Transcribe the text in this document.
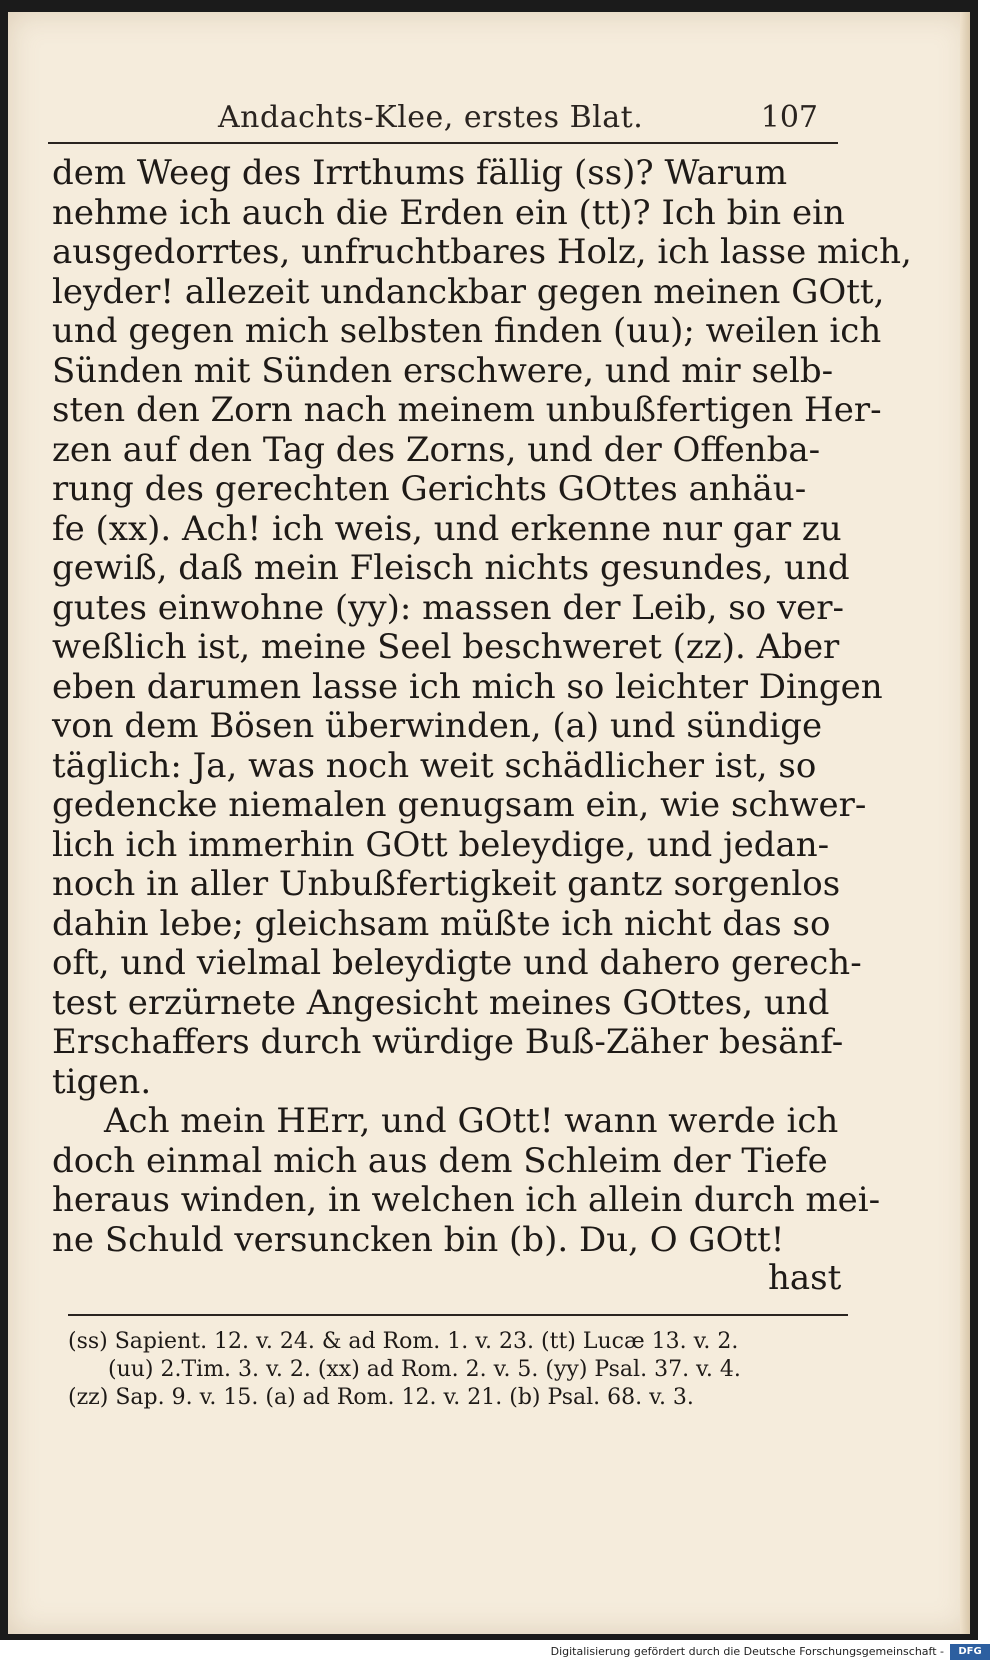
Andachts-Klee, erstes Blat.	107
dem Weeg des Irrthums fällig (ss)? Warum
nehme ich auch die Erden ein (tt)? Ich bin ein
ausgedorrtes, unfruchtbares Holz, ich lasse mich,
leyder! allezeit undanckbar gegen meinen GOtt,
und gegen mich selbsten finden (uu); weilen ich
Sünden mit Sünden erschwere, und mir selb-
sten den Zorn nach meinem unbußfertigen Her-
zen auf den Tag des Zorns, und der Offenba-
rung des gerechten Gerichts GOttes anhäu-
fe (xx). Ach! ich weis, und erkenne nur gar zu
gewiß, daß mein Fleisch nichts gesundes, und
gutes einwohne (yy): massen der Leib, so ver-
weßlich ist, meine Seel beschweret (zz). Aber
eben darumen lasse ich mich so leichter Dingen
von dem Bösen überwinden, (a) und sündige
täglich: Ja, was noch weit schädlicher ist, so
gedencke niemalen genugsam ein, wie schwer-
lich ich immerhin GOtt beleydige, und jedan-
noch in aller Unbußfertigkeit gantz sorgenlos
dahin lebe; gleichsam müßte ich nicht das so
oft, und vielmal beleydigte und dahero gerech-
test erzürnete Angesicht meines GOttes, und
Erschaffers durch würdige Buß-Zäher besänf-
tigen.
Ach mein HErr, und GOtt! wann werde ich
doch einmal mich aus dem Schleim der Tiefe
heraus winden, in welchen ich allein durch mei-
ne Schuld versuncken bin (b). Du, O GOtt!
hast
(ss) Sapient. 12. v. 24. & ad Rom. 1. v. 23. (tt) Lucæ 13. v. 2.
(uu) 2.Tim. 3. v. 2. (xx) ad Rom. 2. v. 5. (yy) Psal. 37. v. 4.
(zz) Sap. 9. v. 15. (a) ad Rom. 12. v. 21. (b) Psal. 68. v. 3.
Digitalisierung gefördert durch die Deutsche Forschungsgemeinschaft -	DFG
